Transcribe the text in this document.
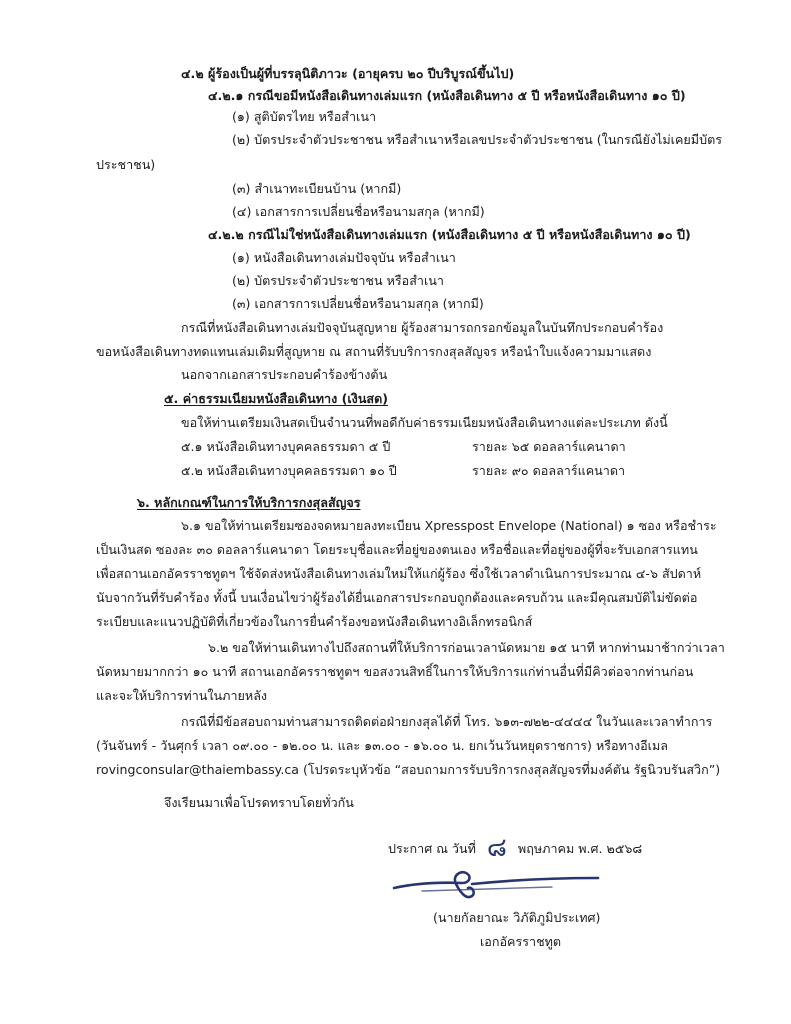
๔.๒ ผู้ร้องเป็นผู้ที่บรรลุนิติภาวะ (อายุครบ ๒๐ ปีบริบูรณ์ขึ้นไป)
๔.๒.๑ กรณีขอมีหนังสือเดินทางเล่มแรก (หนังสือเดินทาง ๕ ปี หรือหนังสือเดินทาง ๑๐ ปี)
(๑) สูติบัตรไทย หรือสำเนา
(๒) บัตรประจำตัวประชาชน หรือสำเนาหรือเลขประจำตัวประชาชน (ในกรณียังไม่เคยมีบัตร
ประชาชน)
(๓) สำเนาทะเบียนบ้าน (หากมี)
(๔) เอกสารการเปลี่ยนชื่อหรือนามสกุล (หากมี)
๔.๒.๒ กรณีไม่ใช่หนังสือเดินทางเล่มแรก (หนังสือเดินทาง ๕ ปี หรือหนังสือเดินทาง ๑๐ ปี)
(๑) หนังสือเดินทางเล่มปัจจุบัน หรือสำเนา
(๒) บัตรประจำตัวประชาชน หรือสำเนา
(๓) เอกสารการเปลี่ยนชื่อหรือนามสกุล (หากมี)
กรณีที่หนังสือเดินทางเล่มปัจจุบันสูญหาย ผู้ร้องสามารถกรอกข้อมูลในบันทึกประกอบคำร้อง
ขอหนังสือเดินทางทดแทนเล่มเดิมที่สูญหาย ณ สถานที่รับบริการกงสุลสัญจร หรือนำใบแจ้งความมาแสดง
นอกจากเอกสารประกอบคำร้องข้างต้น
๕. ค่าธรรมเนียมหนังสือเดินทาง (เงินสด)
ขอให้ท่านเตรียมเงินสดเป็นจำนวนที่พอดีกับค่าธรรมเนียมหนังสือเดินทางแต่ละประเภท ดังนี้
๕.๑ หนังสือเดินทางบุคคลธรรมดา ๕ ปี	รายละ ๖๕ ดอลลาร์แคนาดา
๕.๒ หนังสือเดินทางบุคคลธรรมดา ๑๐ ปี	รายละ ๙๐ ดอลลาร์แคนาดา
๖. หลักเกณฑ์ในการให้บริการกงสุลสัญจร
๖.๑ ขอให้ท่านเตรียมซองจดหมายลงทะเบียน Xpresspost Envelope (National) ๑ ซอง หรือชำระ
เป็นเงินสด ซองละ ๓๐ ดอลลาร์แคนาดา โดยระบุชื่อและที่อยู่ของตนเอง หรือชื่อและที่อยู่ของผู้ที่จะรับเอกสารแทน
เพื่อสถานเอกอัครราชทูตฯ ใช้จัดส่งหนังสือเดินทางเล่มใหม่ให้แก่ผู้ร้อง ซึ่งใช้เวลาดำเนินการประมาณ ๔-๖ สัปดาห์
นับจากวันที่รับคำร้อง ทั้งนี้ บนเงื่อนไขว่าผู้ร้องได้ยื่นเอกสารประกอบถูกต้องและครบถ้วน และมีคุณสมบัติไม่ขัดต่อ
ระเบียบและแนวปฏิบัติที่เกี่ยวข้องในการยื่นคำร้องขอหนังสือเดินทางอิเล็กทรอนิกส์
๖.๒ ขอให้ท่านเดินทางไปถึงสถานที่ให้บริการก่อนเวลานัดหมาย ๑๕ นาที หากท่านมาช้ากว่าเวลา
นัดหมายมากกว่า ๑๐ นาที สถานเอกอัครราชทูตฯ ขอสงวนสิทธิ์ในการให้บริการแก่ท่านอื่นที่มีคิวต่อจากท่านก่อน
และจะให้บริการท่านในภายหลัง
กรณีที่มีข้อสอบถามท่านสามารถติดต่อฝ่ายกงสุลได้ที่ โทร. ๖๑๓-๗๒๒-๔๔๔๔ ในวันและเวลาทำการ
(วันจันทร์ - วันศุกร์ เวลา ๐๙.๐๐ - ๑๒.๐๐ น. และ ๑๓.๐๐ - ๑๖.๐๐ น. ยกเว้นวันหยุดราชการ) หรือทางอีเมล
rovingconsular@thaiembassy.ca (โปรดระบุหัวข้อ “สอบถามการรับบริการกงสุลสัญจรที่มงค์ตัน รัฐนิวบรันสวิก”)
จึงเรียนมาเพื่อโปรดทราบโดยทั่วกัน
ประกาศ ณ วันที่ ๘ พฤษภาคม พ.ศ. ๒๕๖๘
(นายกัลยาณะ วิภัติภูมิประเทศ)
เอกอัครราชทูต
